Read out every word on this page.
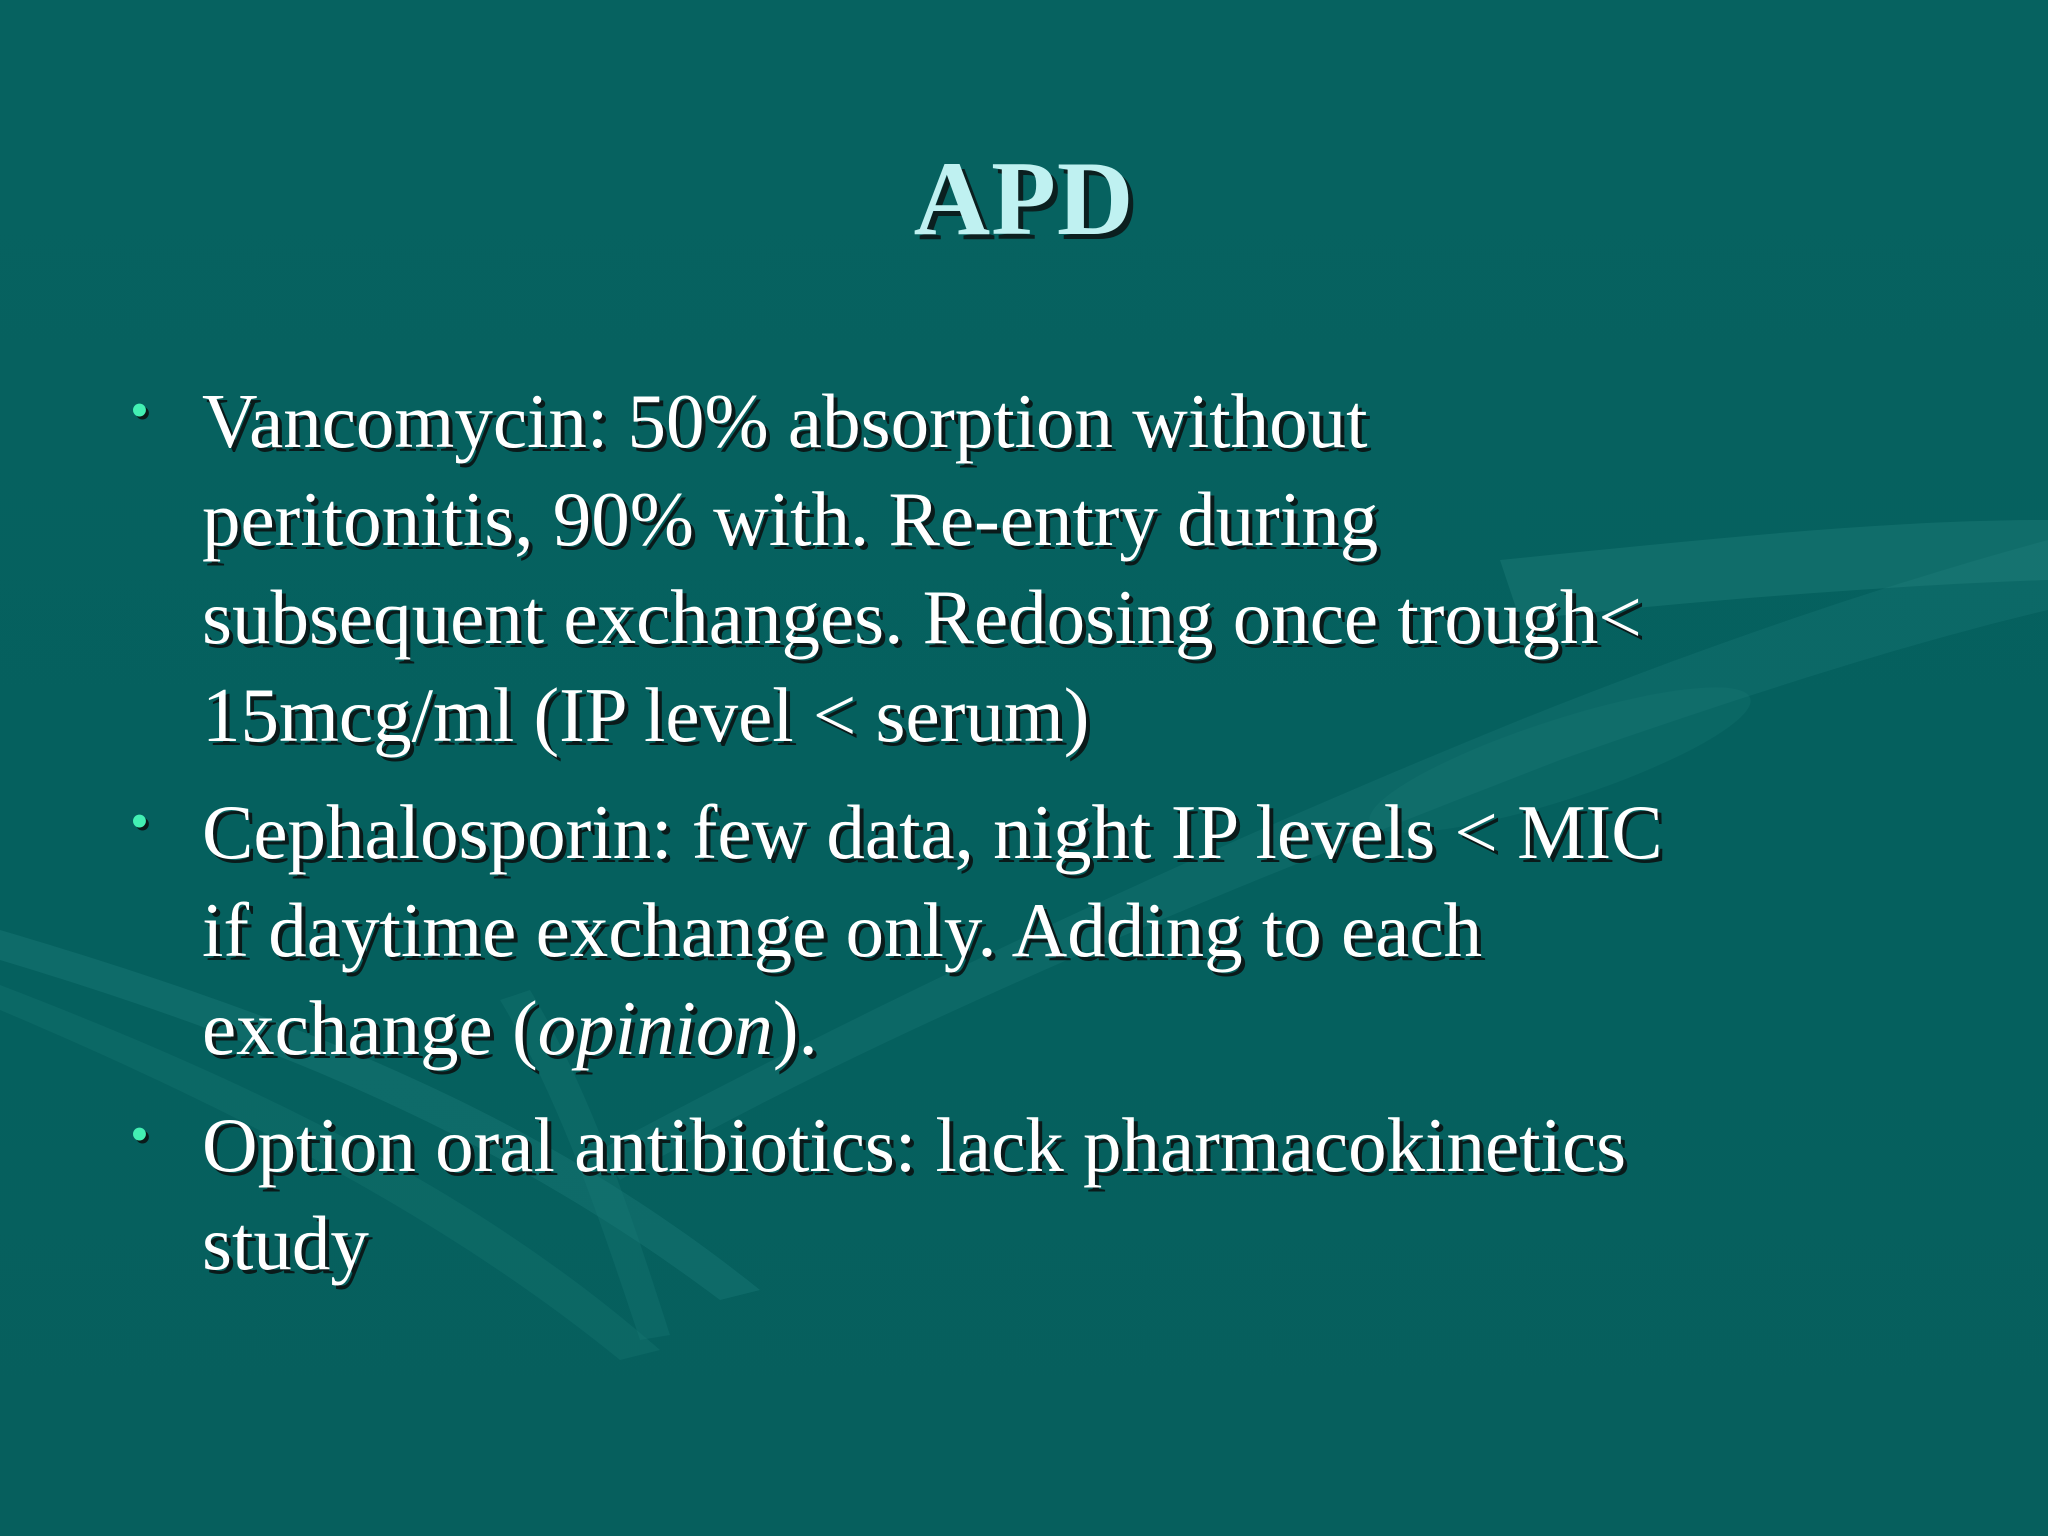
APD
• Vancomycin: 50% absorption without
peritonitis, 90% with. Re-entry during
subsequent exchanges. Redosing once trough<
15mcg/ml (IP level < serum)
• Cephalosporin: few data, night IP levels < MIC
if daytime exchange only. Adding to each
exchange (opinion).
• Option oral antibiotics: lack pharmacokinetics
study
